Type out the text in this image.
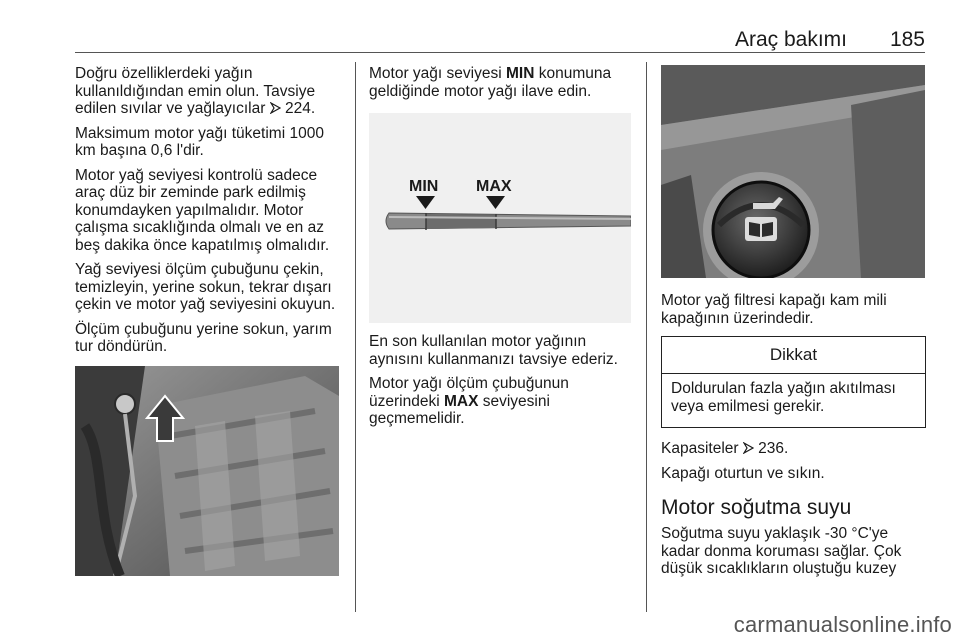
Araç bakımı 185

Doğru özelliklerdeki yağın kullanıldığından emin olun. Tavsiye edilen sıvılar ve yağlayıcılar 224.

Maksimum motor yağı tüketimi 1000 km başına 0,6 l'dir.

Motor yağ seviyesi kontrolü sadece araç düz bir zeminde park edilmiş konumdayken yapılmalıdır. Motor çalışma sıcaklığında olmalı ve en az beş dakika önce kapatılmış olmalıdır.

Yağ seviyesi ölçüm çubuğunu çekin, temizleyin, yerine sokun, tekrar dışarı çekin ve motor yağ seviyesini okuyun.

Ölçüm çubuğunu yerine sokun, yarım tur döndürün.

Motor yağı seviyesi MIN konumuna geldiğinde motor yağı ilave edin.

MIN MAX

En son kullanılan motor yağının aynısını kullanmanızı tavsiye ederiz.

Motor yağı ölçüm çubuğunun üzerindeki MAX seviyesini geçmemelidir.

Motor yağ filtresi kapağı kam mili kapağının üzerindedir.

Dikkat
Doldurulan fazla yağın akıtılması veya emilmesi gerekir.

Kapasiteler 236.

Kapağı oturtun ve sıkın.

Motor soğutma suyu

Soğutma suyu yaklaşık -30 °C'ye kadar donma koruması sağlar. Çok düşük sıcaklıkların oluştuğu kuzey

carmanualsonline.info
